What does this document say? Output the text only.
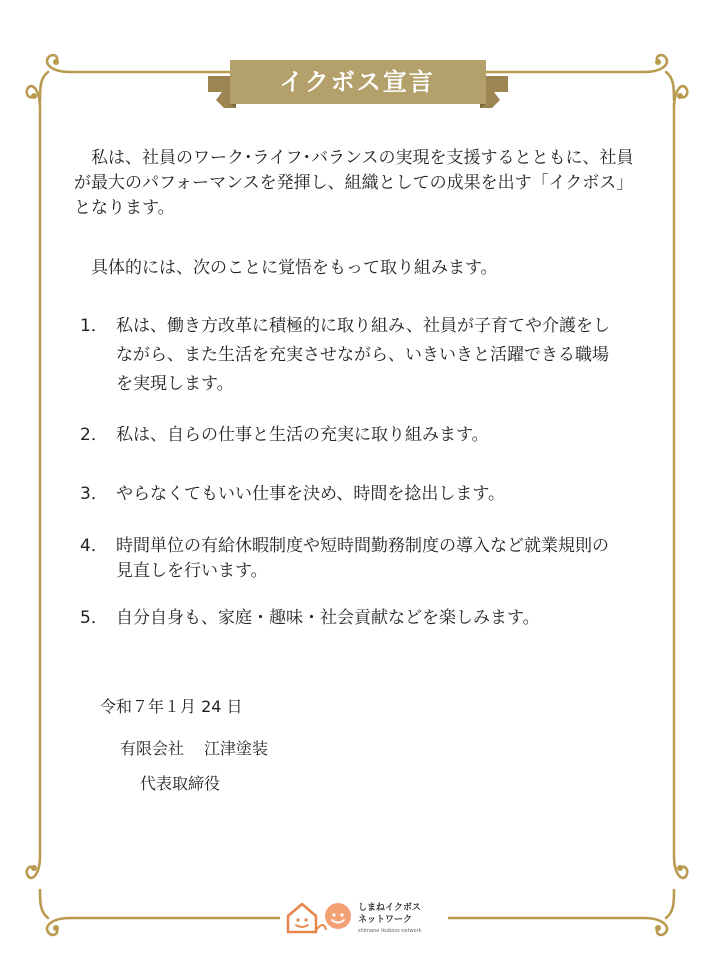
イクボス宣言

私は、社員のワーク･ライフ･バランスの実現を支援するとともに、社員が最大のパフォーマンスを発揮し、組織としての成果を出す「イクボス」となります。

具体的には、次のことに覚悟をもって取り組みます。

1． 私は、働き方改革に積極的に取り組み、社員が子育てや介護をしながら、また生活を充実させながら、いきいきと活躍できる職場を実現します。
2． 私は、自らの仕事と生活の充実に取り組みます。
3． やらなくてもいい仕事を決め、時間を捻出します。
4． 時間単位の有給休暇制度や短時間勤務制度の導入など就業規則の見直しを行います。
5． 自分自身も、家庭・趣味・社会貢献などを楽しみます。
令和７年１月 24 日
有限会社 江津塗装
代表取締役
しまねイクボス
ネットワーク
shimane ikuboss network
